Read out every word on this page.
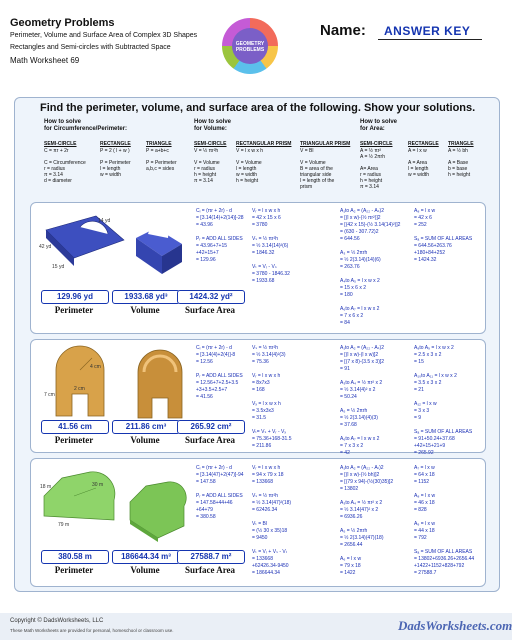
Geometry Problems
Perimeter, Volume and Surface Area of Complex 3D Shapes
Rectangles and Semi-circles with Subtracted Space
Math Worksheet 69
GEOMETRY
PROBLEMS
Name: ANSWER KEY
Find the perimeter, volume, and surface area of the following. Show your solutions.
How to solve
for Circumference/Perimeter:
SEMI-CIRCLE
C = πr + 2r

C = Circumference
r = radius
π = 3.14
d = diameter
RECTANGLE
P = 2 ( l + w )

P = Perimeter
l = length
w = width
TRIANGLE
P = a+b+c

P = Perimeter
a,b,c = sides
How to solve
for Volume:
SEMI-CIRCLE
V = ½ πr²h

V = Volume
r = radius
h = height
π = 3.14
RECTANGULAR PRISM
V = l x w x h

V = Volume
l = length
w = width
h = height
TRIANGULAR PRISM
V = Bl

V = Volume
B = area of the
triangular side
l = length of the
prism
How to solve
for Area:
SEMI-CIRCLE
A = ½ πr²
A = ½ 2πrh

A= Area
r = radius
h = height
π = 3.14
RECTANGLE
A = l x w

A = Area
l = length
w = width
TRIANGLE
A = ½ bh

A = Base
b = base
h = height
15 yd
42 yd
14 yd
4 cm
2 cm
7 cm
30 m
79 m
18 m
Cᵢ = (πr + 2r) - d
= [3.14(14)+2(14)]-28
= 43.96

Pᵣ = ADD ALL SIDES
= 43.96+7+15
+42+15+7
= 129.96
Vᵣ = l x w x h
= 42 x 15 x 6
= 3780

Vₛ = ½ πr²h
= ½ 3.14(14)²(6)
= 1846.32

Vₜ = Vᵣ - Vₛ
= 3780 - 1846.32
= 1933.68
A₁to A₂ = (A₂₂ - Aₛ)2
= [(l x w)-(½ πr²)]2
= [(42 x 15)-(½ 3.14(14)²)]2
= (630 - 307.72)2
= 644.56

A₃ = ½ 2πrh
= ½ 2(3.14)(14)(6)
= 263.76

A₄to A₅ = l x w x 2
= 15 x 6 x 2
= 180

A₆to A₇ = l x w x 2
= 7 x 6 x 2
= 84
A₈ = l x w
= 42 x 6
= 252

Sₐ = SUM OF ALL AREAS
= 644.56+263.76
+180+84+252
= 1424.32
129.96 yd
Perimeter
1933.68 yd³
Volume
1424.32 yd²
Surface Area
Cᵢ = (πr + 2r) - d
= [3.14(4)+2(4)]-8
= 12.56

Pᵣ = ADD ALL SIDES
= 12.56+7+2.5+3.5
+3+3.5+2.5+7
= 41.56
Vₛ = ½ πr²h
= ½ 3.14(4)²(3)
= 75.36

Vᵣ = l x w x h
= 8x7x3
= 168

Vₓ = l x w x h
= 3.5x3x3
= 31.5

Vₜ= Vₛ + Vᵣ - Vₓ
= 75.36+168-31.5
= 211.86
A₁to A₂ = (A₂₂ - Aₛ)2
= [(l x w)-(l x w)]2
= [(7 x 8)-(3.5 x 3)]2
= 91

A₃to A₄ = ½ πr² x 2
= ½ 3.14(4)² x 2
= 50.24

A₅ = ½ 2πrh
= ½ 2(3.14)(4)(3)
= 37.68

A₆to A₇ = l x w x 2
= 7 x 3 x 2
= 42
A₈to A₉ = l x w x 2
= 2.5 x 3 x 2
= 15

A₁₀to A₁₁ = l x w x 2
= 3.5 x 3 x 2
= 21

A₁₂ = l x w
= 3 x 3
= 9

Sₐ = SUM OF ALL AREAS
= 91+50.24+37.68
+42+15+21+9
= 265.92
41.56 cm
Perimeter
211.86 cm³
Volume
265.92 cm²
Surface Area
Cᵢ = (πr + 2r) - d
= [3.14(47)+2(47)]-94
= 147.58

Pᵣ = ADD ALL SIDES
= 147.58+44+46
+64+79
= 380.58
Vᵣ = l x w x h
= 94 x 79 x 18
= 133668

Vₛ = ½ πr²h
= ½ 3.14(47)²(18)
= 62426.34

Vₜ = Bl
= (½ 30 x 35)18
= 9450

Vₜ = Vᵣ + Vₛ - Vₜ
= 133668
+62426.34-9450
= 186644.34
A₁to A₂ = (A₂₂ - Aₜ)2
= [(l x w)-(½ bh)]2
= [(79 x 94)-(½(30)35)]2
= 13802

A₃to A₄ = ½ πr² x 2
= ½ 3.14(47)² x 2
= 6936.26

A₅ = ½ 2πrh
= ½ 2(3.14)(47)(18)
= 2656.44

A₆ = l x w
= 79 x 18
= 1422
A₇ = l x w
= 64 x 18
= 1152

A₈ = l x w
= 46 x 18
= 828

A₉ = l x w
= 44 x 18
= 792

Sₐ = SUM OF ALL AREAS
= 13802+6936.26+2656.44
+1422+1152+828+792
= 27588.7
380.58 m
Perimeter
186644.34 m³
Volume
27588.7 m²
Surface Area
Copyright © DadsWorksheets, LLC
These Math Worksheets are provided for personal, homeschool or classroom use.	DadsWorksheets.com
